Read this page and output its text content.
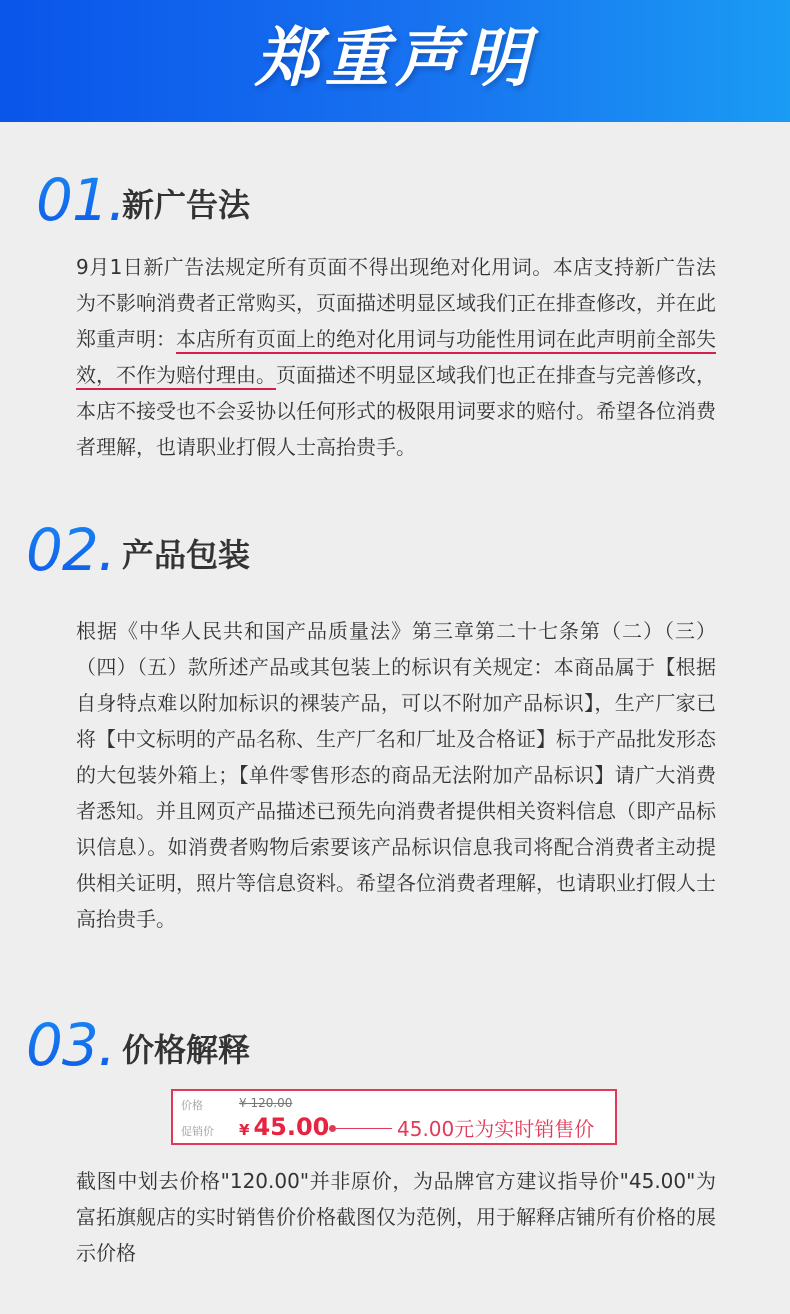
郑重声明
01.
新广告法
9月1日新广告法规定所有页面不得出现绝对化用词。本店支持新广告法为不影响消费者正常购买，页面描述明显区域我们正在排查修改，并在此郑重声明：本店所有页面上的绝对化用词与功能性用词在此声明前全部失效，不作为赔付理由。页面描述不明显区域我们也正在排查与完善修改，本店不接受也不会妥协以任何形式的极限用词要求的赔付。希望各位消费者理解，也请职业打假人士高抬贵手。
02. 产品包装
根据《中华人民共和国产品质量法》第三章第二十七条第（二）（三）（四）（五）款所述产品或其包装上的标识有关规定：本商品属于【根据自身特点难以附加标识的裸装产品，可以不附加产品标识】，生产厂家已将【中文标明的产品名称、生产厂名和厂址及合格证】标于产品批发形态的大包装外箱上；【单件零售形态的商品无法附加产品标识】请广大消费者悉知。并且网页产品描述已预先向消费者提供相关资料信息（即产品标识信息）。如消费者购物后索要该产品标识信息我司将配合消费者主动提供相关证明，照片等信息资料。希望各位消费者理解，也请职业打假人士高抬贵手。
03. 价格解释
价格	¥ 120.00
促销价 ¥ 45.00	45.00元为实时销售价
截图中划去价格"120.00"并非原价，为品牌官方建议指导价"45.00"为富拓旗舰店的实时销售价价格截图仅为范例，用于解释店铺所有价格的展示价格
